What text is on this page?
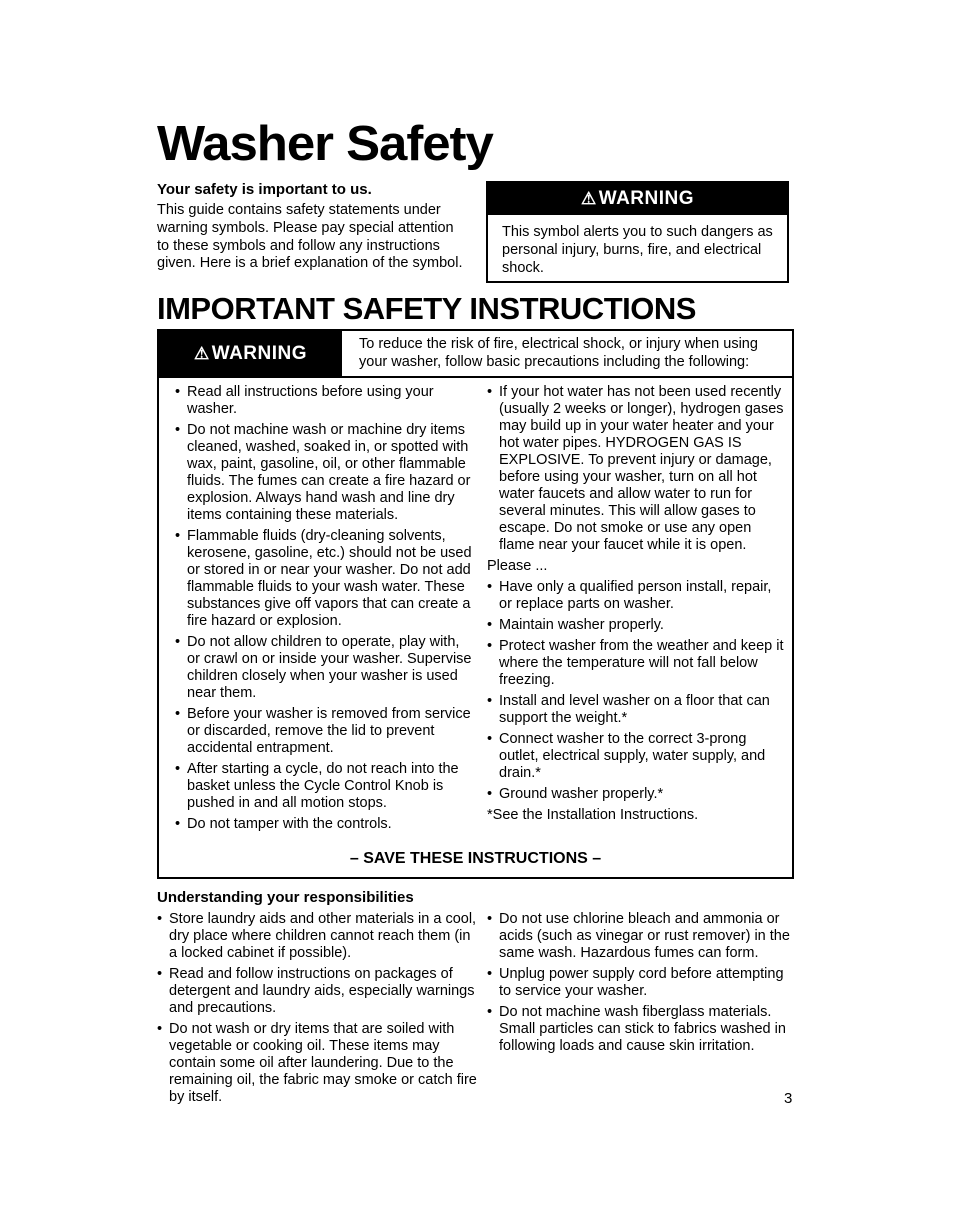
Washer Safety

Your safety is important to us.

This guide contains safety statements under warning symbols. Please pay special attention to these symbols and follow any instructions given. Here is a brief explanation of the symbol.

⚠ WARNING
This symbol alerts you to such dangers as personal injury, burns, fire, and electrical shock.
IMPORTANT SAFETY INSTRUCTIONS
⚠ WARNING	To reduce the risk of fire, electrical shock, or injury when using your washer, follow basic precautions including the following:
• Read all instructions before using your washer.
• Do not machine wash or machine dry items cleaned, washed, soaked in, or spotted with wax, paint, gasoline, oil, or other flammable fluids. The fumes can create a fire hazard or explosion. Always hand wash and line dry items containing these materials.
• Flammable fluids (dry-cleaning solvents, kerosene, gasoline, etc.) should not be used or stored in or near your washer. Do not add flammable fluids to your wash water. These substances give off vapors that can create a fire hazard or explosion.
• Do not allow children to operate, play with, or crawl on or inside your washer. Supervise children closely when your washer is used near them.
• Before your washer is removed from service or discarded, remove the lid to prevent accidental entrapment.
• After starting a cycle, do not reach into the basket unless the Cycle Control Knob is pushed in and all motion stops.
• Do not tamper with the controls.
• If your hot water has not been used recently (usually 2 weeks or longer), hydrogen gases may build up in your water heater and your hot water pipes. HYDROGEN GAS IS EXPLOSIVE. To prevent injury or damage, before using your washer, turn on all hot water faucets and allow water to run for several minutes. This will allow gases to escape. Do not smoke or use any open flame near your faucet while it is open.

Please ...

• Have only a qualified person install, repair, or replace parts on washer.
• Maintain washer properly.
• Protect washer from the weather and keep it where the temperature will not fall below freezing.
• Install and level washer on a floor that can support the weight.*
• Connect washer to the correct 3-prong outlet, electrical supply, water supply, and drain.*
• Ground washer properly.*

*See the Installation Instructions.

– SAVE THESE INSTRUCTIONS –

Understanding your responsibilities

• Store laundry aids and other materials in a cool, dry place where children cannot reach them (in a locked cabinet if possible).
• Read and follow instructions on packages of detergent and laundry aids, especially warnings and precautions.
• Do not wash or dry items that are soiled with vegetable or cooking oil. These items may contain some oil after laundering. Due to the remaining oil, the fabric may smoke or catch fire by itself.
• Do not use chlorine bleach and ammonia or acids (such as vinegar or rust remover) in the same wash. Hazardous fumes can form.
• Unplug power supply cord before attempting to service your washer.
• Do not machine wash fiberglass materials. Small particles can stick to fabrics washed in following loads and cause skin irritation.
3
